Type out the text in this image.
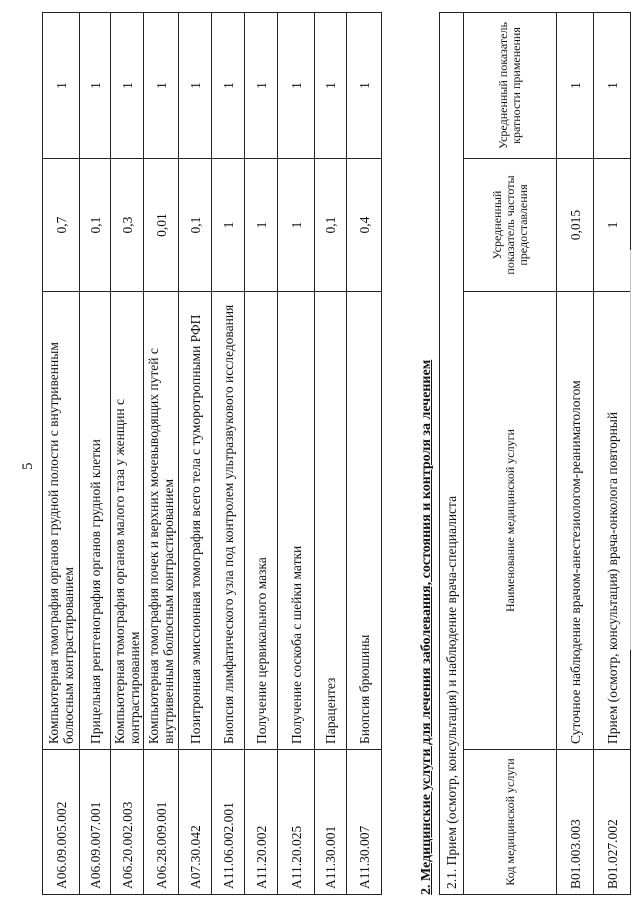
5
A06.09.005.002	Компьютерная томография органов грудной полости с внутривенным болюсным контрастированием	0,7	1
A06.09.007.001	Прицельная рентгенография органов грудной клетки	0,1	1
A06.20.002.003	Компьютерная томография органов малого таза у женщин с контрастированием	0,3	1
A06.28.009.001	Компьютерная томография почек и верхних мочевыводящих путей с внутривенным болюсным контрастированием	0,01	1
A07.30.042	Позитронная эмиссионная томография всего тела с туморотропными РФП	0,1	1
A11.06.002.001	Биопсия лимфатического узла под контролем ультразвукового исследования	1	1
A11.20.002	Получение цервикального мазка	1	1
A11.20.025	Получение соскоба с шейки матки	1	1
A11.30.001	Парацентез	0,1	1
A11.30.007	Биопсия брюшины	0,4	1
2. Медицинские услуги для лечения заболевания, состояния и контроля за лечением 2.1. Прием (осмотр, консультация) и наблюдение врача-специалиста			
Код медицинской услуги	Наименование медицинской услуги	Усредненный показатель частоты предоставления	Усредненный показатель кратности применения
B01.003.003	Суточное наблюдение врачом-анестезиологом-реаниматологом	0,015	1
B01.027.002	Прием (осмотр, консультация) врача-онколога повторный	1	1
